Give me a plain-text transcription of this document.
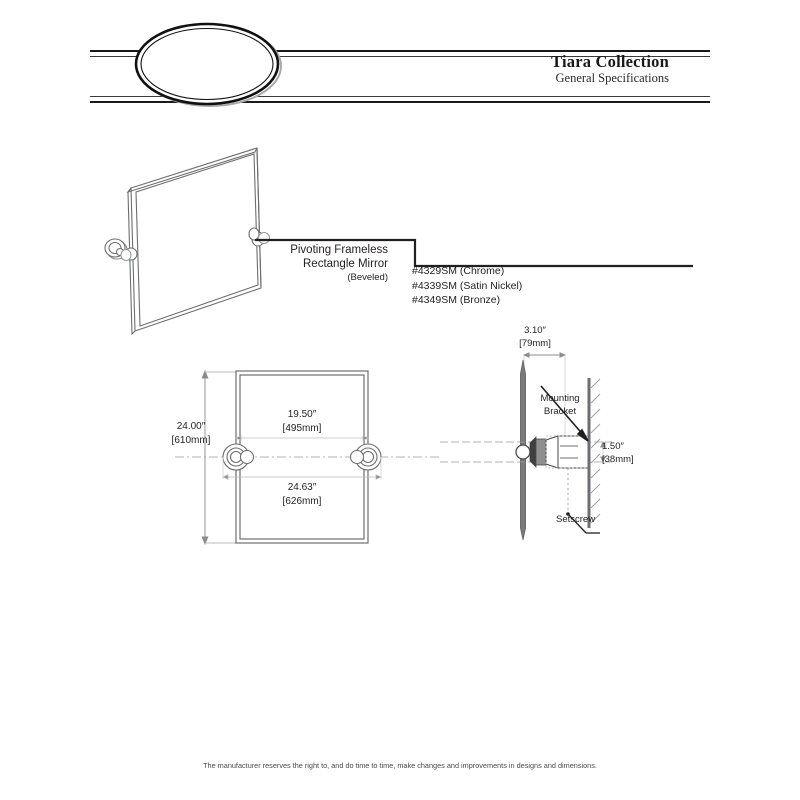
Tiara Collection
General Specifications
Pivoting Frameless
Rectangle Mirror
(Beveled)
#4329SM (Chrome)
#4339SM (Satin Nickel)
#4349SM (Bronze)
24.00″
[610mm]
19.50″
[495mm]
24.63″
[626mm]
3.10″
[79mm]
1.50″
[38mm]
Mounting
Bracket
Setscrew
The manufacturer reserves the right to, and do time to time, make changes and improvements in designs and dimensions.
